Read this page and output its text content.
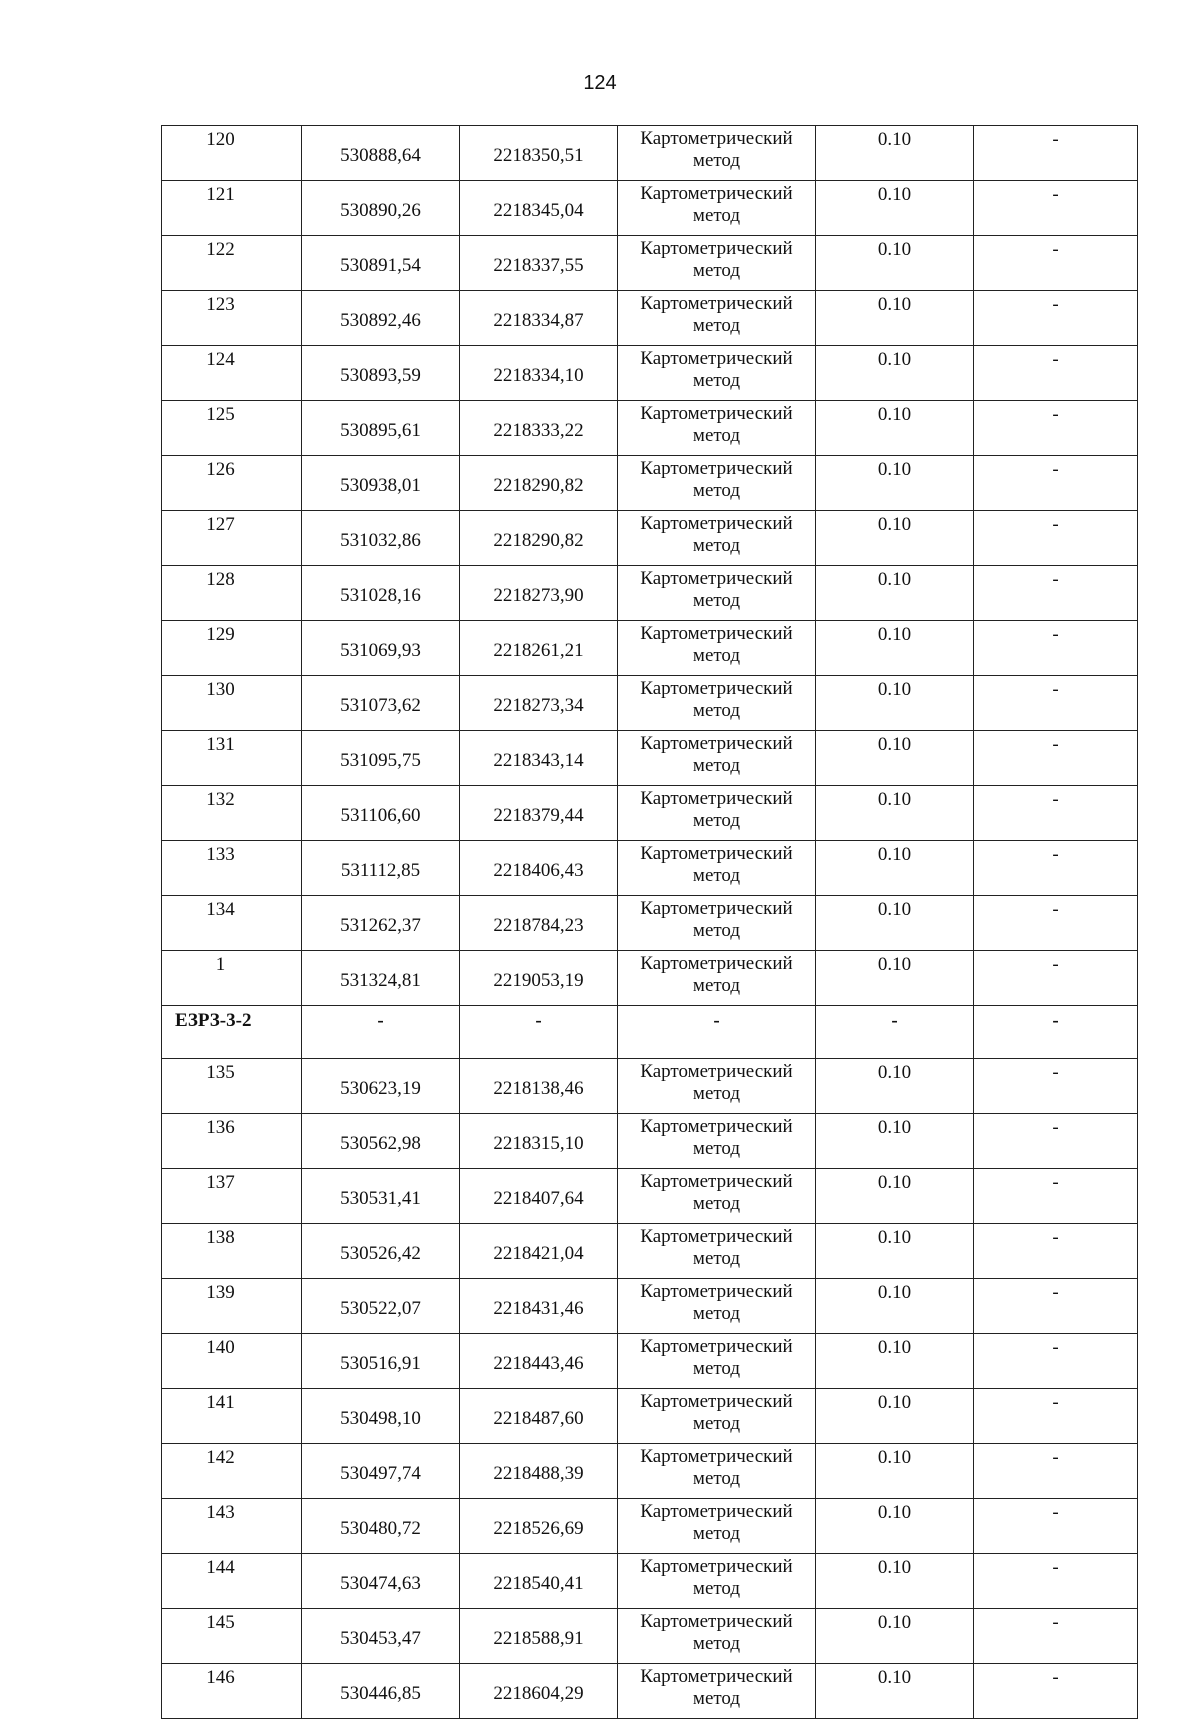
124
120	530888,64	2218350,51	Картометрический метод	0.10	-
121	530890,26	2218345,04	Картометрический метод	0.10	-
122	530891,54	2218337,55	Картометрический метод	0.10	-
123	530892,46	2218334,87	Картометрический метод	0.10	-
124	530893,59	2218334,10	Картометрический метод	0.10	-
125	530895,61	2218333,22	Картометрический метод	0.10	-
126	530938,01	2218290,82	Картометрический метод	0.10	-
127	531032,86	2218290,82	Картометрический метод	0.10	-
128	531028,16	2218273,90	Картометрический метод	0.10	-
129	531069,93	2218261,21	Картометрический метод	0.10	-
130	531073,62	2218273,34	Картометрический метод	0.10	-
131	531095,75	2218343,14	Картометрический метод	0.10	-
132	531106,60	2218379,44	Картометрический метод	0.10	-
133	531112,85	2218406,43	Картометрический метод	0.10	-
134	531262,37	2218784,23	Картометрический метод	0.10	-
1	531324,81	2219053,19	Картометрический метод	0.10	-
ЕЗРЗ-3-2	-	-	-	-	-
135	530623,19	2218138,46	Картометрический метод	0.10	-
136	530562,98	2218315,10	Картометрический метод	0.10	-
137	530531,41	2218407,64	Картометрический метод	0.10	-
138	530526,42	2218421,04	Картометрический метод	0.10	-
139	530522,07	2218431,46	Картометрический метод	0.10	-
140	530516,91	2218443,46	Картометрический метод	0.10	-
141	530498,10	2218487,60	Картометрический метод	0.10	-
142	530497,74	2218488,39	Картометрический метод	0.10	-
143	530480,72	2218526,69	Картометрический метод	0.10	-
144	530474,63	2218540,41	Картометрический метод	0.10	-
145	530453,47	2218588,91	Картометрический метод	0.10	-
146	530446,85	2218604,29	Картометрический метод	0.10	-
